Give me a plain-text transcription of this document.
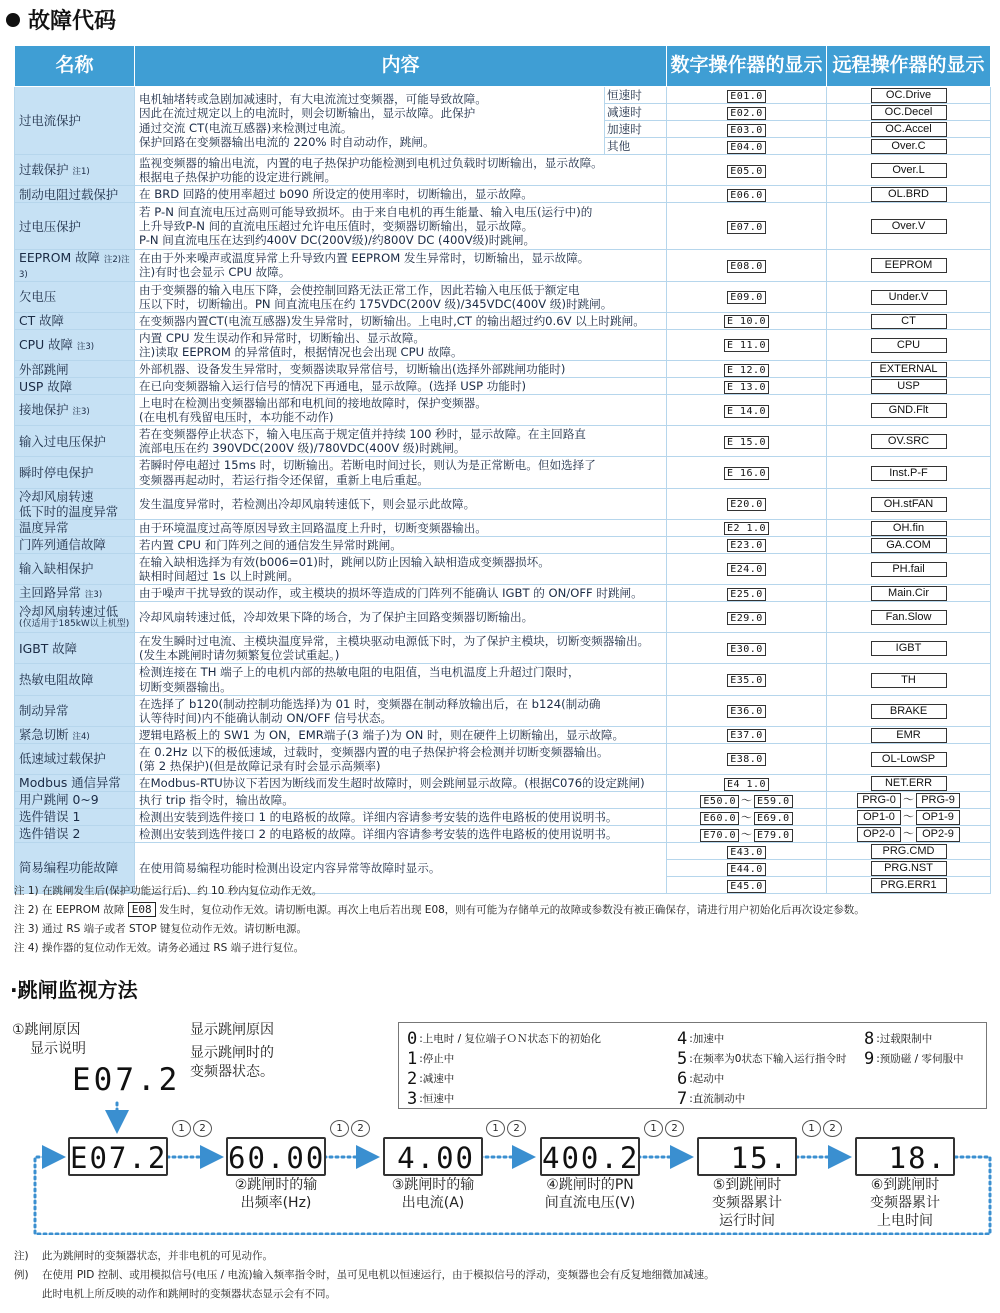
故障代码
名称	内容		数字操作器的显示	远程操作器的显示
过电流保护	电机轴堵转或急剧加减速时，有大电流流过变频器，可能导致故障。
因此在流过规定以上的电流时，则会切断输出，显示故障。此保护
通过交流 CT(电流互感器)来检测过电流。
保护回路在变频器输出电流的 220% 时自动动作，跳闸。	恒速时	E01.0	OC.Drive
		减速时	E02.0	OC.Decel
		加速时	E03.0	OC.Accel
		其他	E04.0	Over.C

过载保护 注1)	监视变频器的输出电流，内置的电子热保护功能检测到电机过负载时切断输出，显示故障。
根据电子热保护功能的设定进行跳闸。		E05.0	Over.L

制动电阻过载保护	在 BRD 回路的使用率超过 b090 所设定的使用率时，切断输出，显示故障。		E06.0	OL.BRD

过电压保护	若 P-N 间直流电压过高则可能导致损坏。由于来自电机的再生能量、输入电压(运行中)的
上升导致P-N 间的直流电压超过允许电压值时，变频器切断输出，显示故障。
P-N 间直流电压在达到约400V DC(200V级)/约800V DC (400V级)时跳闸。		E07.0	Over.V

EEPROM 故障 注2)注3)	在由于外来噪声或温度异常上升导致内置 EEPROM 发生异常时，切断输出，显示故障。
注)有时也会显示 CPU 故障。		E08.0	EEPROM

欠电压	由于变频器的输入电压下降，会使控制回路无法正常工作，因此若输入电压低于额定电
压以下时，切断输出。PN 间直流电压在约 175VDC(200V 级)/345VDC(400V 级)时跳闸。		E09.0	Under.V

CT 故障	在变频器内置CT(电流互感器)发生异常时，切断输出。上电时,CT 的输出超过约0.6V 以上时跳闸。		E 10.0	CT

CPU 故障 注3)	内置 CPU 发生误动作和异常时，切断输出、显示故障。
注)读取 EEPROM 的异常值时，根据情况也会出现 CPU 故障。		E 11.0	CPU

外部跳闸	外部机器、设备发生异常时，变频器读取异常信号，切断输出(选择外部跳闸功能时)		E 12.0	EXTERNAL

USP 故障	在已向变频器输入运行信号的情况下再通电，显示故障。(选择 USP 功能时)		E 13.0	USP

接地保护 注3)	上电时在检测出变频器输出部和电机间的接地故障时，保护变频器。
(在电机有残留电压时，本功能不动作)		E 14.0	GND.Flt

输入过电压保护	若在变频器停止状态下，输入电压高于规定值并持续 100 秒时，显示故障。在主回路直
流部电压在约 390VDC(200V 级)/780VDC(400V 级)时跳闸。		E 15.0	OV.SRC

瞬时停电保护	若瞬时停电超过 15ms 时，切断输出。若断电时间过长，则认为是正常断电。但如选择了
变频器再起动时，若运行指令还保留，重新上电后重起。		E 16.0	Inst.P-F

冷却风扇转速
低下时的温度异常	发生温度异常时，若检测出冷却风扇转速低下，则会显示此故障。		E20.0	OH.stFAN

温度异常	由于环境温度过高等原因导致主回路温度上升时，切断变频器输出。		E2 1.0	OH.fin

门阵列通信故障	若内置 CPU 和门阵列之间的通信发生异常时跳闸。		E23.0	GA.COM

输入缺相保护	在输入缺相选择为有效(b006=01)时，跳闸以防止因输入缺相造成变频器损坏。
缺相时间超过 1s 以上时跳闸。		E24.0	PH.fail

主回路异常 注3)	由于噪声干扰导致的误动作，或主模块的损坏等造成的门阵列不能确认 IGBT 的 ON/OFF 时跳闸。		E25.0	Main.Cir

冷却风扇转速过低
(仅适用于185kW以上机型)	冷却风扇转速过低，冷却效果下降的场合，为了保护主回路变频器切断输出。		E29.0	Fan.Slow

IGBT 故障	在发生瞬时过电流、主模块温度异常，主模块驱动电源低下时，为了保护主模块，切断变频器输出。
(发生本跳闸时请勿频繁复位尝试重起。)		E30.0	IGBT

热敏电阻故障	检测连接在 TH 端子上的电机内部的热敏电阻的电阻值，当电机温度上升超过门限时，
切断变频器输出。		E35.0	TH

制动异常	在选择了 b120(制动控制功能选择)为 01 时，变频器在制动释放输出后，在 b124(制动确
认等待时间)内不能确认制动 ON/OFF 信号状态。		E36.0	BRAKE

紧急切断 注4)	逻辑电路板上的 SW1 为 ON，EMR端子(3 端子)为 ON 时，则在硬件上切断输出，显示故障。		E37.0	EMR

低速域过载保护	在 0.2Hz 以下的极低速域，过载时，变频器内置的电子热保护将会检测并切断变频器输出。
(第 2 热保护)(但是故障记录有时会显示高频率)		E38.0	OL-LowSP

Modbus 通信异常	在Modbus-RTU协议下若因为断线而发生超时故障时，则会跳闸显示故障。(根据C076的设定跳闸)		E4 1.0	NET.ERR
用户跳闸 0~9	执行 trip 指令时，输出故障。		E50.0 ～ E59.0	PRG-0 ～ PRG-9
选件错误 1	检测出安装到选件接口 1 的电路板的故障。详细内容请参考安装的选件电路板的使用说明书。		E60.0 ～ E69.0	OP1-0 ～ OP1-9
选件错误 2	检测出安装到选件接口 2 的电路板的故障。详细内容请参考安装的选件电路板的使用说明书。		E70.0 ～ E79.0	OP2-0 ～ OP2-9
简易编程功能故障	在使用简易编程功能时检测出设定内容异常等故障时显示。		E43.0	PRG.CMD
			E44.0	PRG.NST
			E45.0	PRG.ERR1
注 1) 在跳闸发生后(保护功能运行后)、约 10 秒内复位动作无效。
注 2) 在 EEPROM 故障 E08 发生时，复位动作无效。请切断电源。再次上电后若出现 E08，则有可能为存储单元的故障或参数没有被正确保存，请进行用户初始化后再次设定参数。
注 3) 通过 RS 端子或者 STOP 键复位动作无效。请切断电源。
注 4) 操作器的复位动作无效。请务必通过 RS 端子进行复位。
·跳闸监视方法
①跳闸原因
显示说明
显示跳闸原因
显示跳闸时的
变频器状态。
E07.2
0 :上电时 / 复位端子ＯＮ状态下的初始化
1 :停止中
2 :减速中
3 :恒速中
4 :加速中
5 :在频率为0状态下输入运行指令时
6 :起动中
7 :直流制动中
8 :过载限制中
9 :预励磁 / 零伺服中
E07.2 60.00
②跳闸时的输
出频率(Hz)
4.00
③跳闸时的输
出电流(A)
400.2
④跳闸时的PN
间直流电压(V)
15.
⑤到跳闸时
变频器累计
运行时间
18.
⑥到跳闸时
变频器累计
上电时间
1 2	1 2	1 2	1 2	1 2
注)	此为跳闸时的变频器状态，并非电机的可见动作。
例)	在使用 PID 控制、或用模拟信号(电压 / 电流)输入频率指令时，虽可见电机以恒速运行，由于模拟信号的浮动，变频器也会有反复地细微加减速。
此时电机上所反映的动作和跳闸时的变频器状态显示会有不同。
